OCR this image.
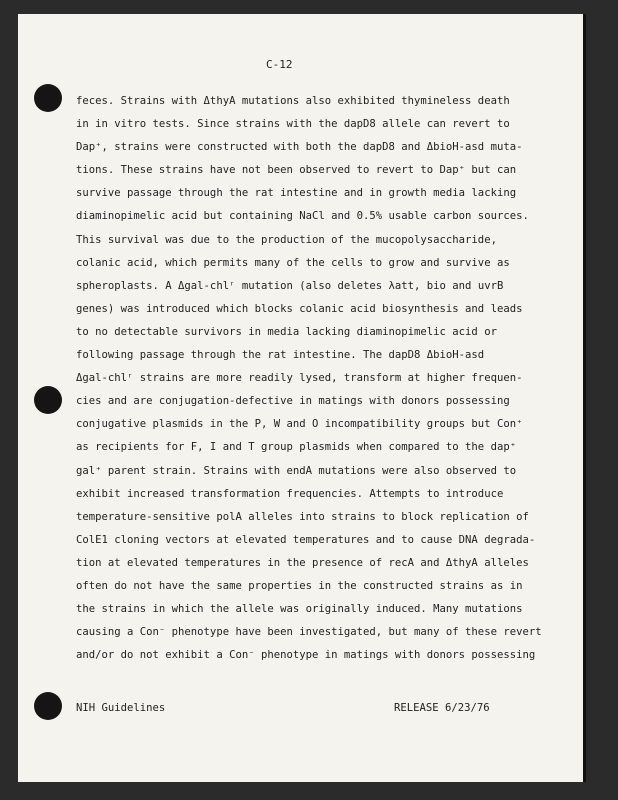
C-12
feces. Strains with ΔthyA mutations also exhibited thymineless death
in in vitro tests. Since strains with the dapD8 allele can revert to
Dap⁺, strains were constructed with both the dapD8 and ΔbioH-asd muta-
tions. These strains have not been observed to revert to Dap⁺ but can
survive passage through the rat intestine and in growth media lacking
diaminopimelic acid but containing NaCl and 0.5% usable carbon sources.
This survival was due to the production of the mucopolysaccharide,
colanic acid, which permits many of the cells to grow and survive as
spheroplasts. A Δgal-chlʳ mutation (also deletes λatt, bio and uvrB
genes) was introduced which blocks colanic acid biosynthesis and leads
to no detectable survivors in media lacking diaminopimelic acid or
following passage through the rat intestine. The dapD8 ΔbioH-asd
Δgal-chlʳ strains are more readily lysed, transform at higher frequen-
cies and are conjugation-defective in matings with donors possessing
conjugative plasmids in the P, W and O incompatibility groups but Con⁺
as recipients for F, I and T group plasmids when compared to the dap⁺
gal⁺ parent strain. Strains with endA mutations were also observed to
exhibit increased transformation frequencies. Attempts to introduce
temperature-sensitive polA alleles into strains to block replication of
ColE1 cloning vectors at elevated temperatures and to cause DNA degrada-
tion at elevated temperatures in the presence of recA and ΔthyA alleles
often do not have the same properties in the constructed strains as in
the strains in which the allele was originally induced. Many mutations
causing a Con⁻ phenotype have been investigated, but many of these revert
and/or do not exhibit a Con⁻ phenotype in matings with donors possessing
NIH Guidelines	RELEASE 6/23/76
